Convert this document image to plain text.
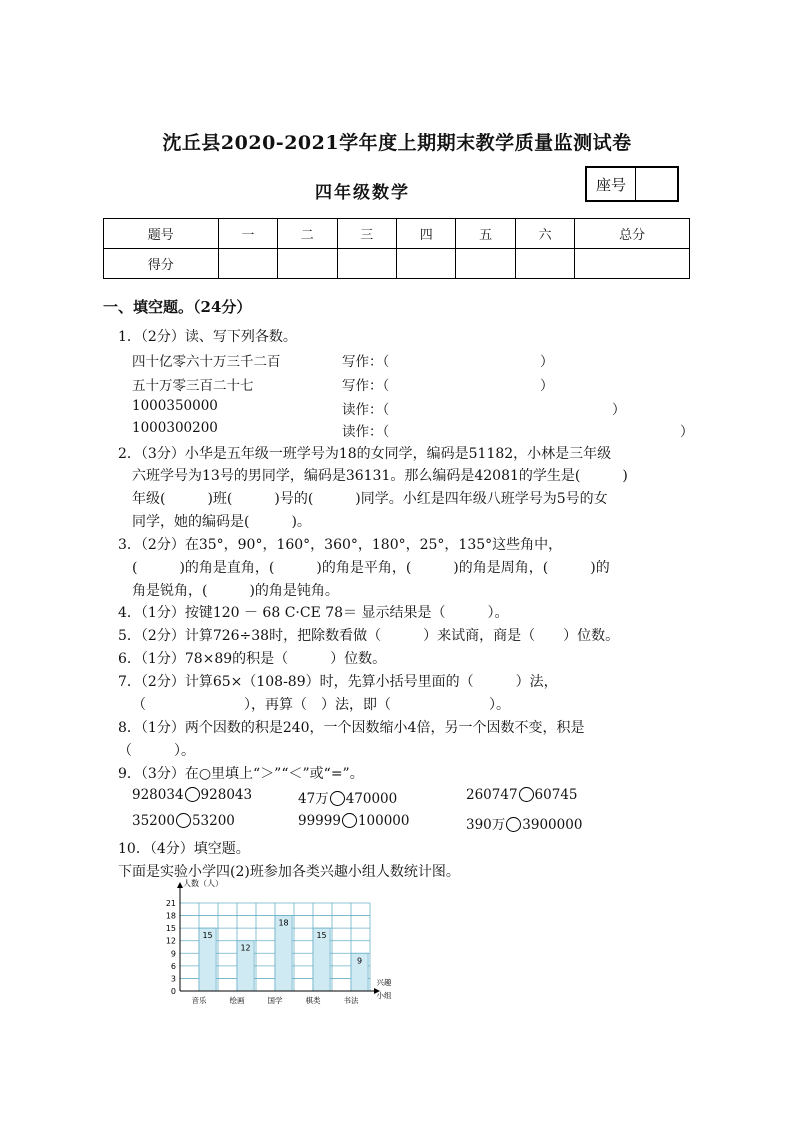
沈丘县2020-2021学年度上期期末教学质量监测试卷
四年级数学	座号
题号	一	二	三	四	五	六	总分
得分							
一、填空题。（24分）
1．（2分）读、写下列各数。
四十亿零六十万三千二百	写作：（	）
五十万零三百二十七	写作：（	）
1000350000	读作：（	）
1000300200	读作：（	）
2．（3分）小华是五年级一班学号为18的女同学，编码是51182，小林是三年级
六班学号为13号的男同学，编码是36131。那么编码是42081的学生是(　　　)
年级(　　　)班(　　　)号的(　　　)同学。小红是四年级八班学号为5号的女
同学，她的编码是(　　　)。
3．（2分）在35°，90°，160°，360°，180°，25°，135°这些角中，
(　　　)的角是直角，(　　　)的角是平角，(　　　)的角是周角，(　　　)的
角是锐角，(　　　)的角是钝角。
4．（1分）按键120 － 68 C·CE 78＝ 显示结果是（　　　）。
5．（2分）计算726÷38时，把除数看做（　　　）来试商，商是（　　）位数。
6．（1分）78×89的积是（　　　）位数。
7．（2分）计算65×（108-89）时，先算小括号里面的（　　　）法，
（　　　　　　　），再算（　）法，即（　　　　　　　）。
8．（1分）两个因数的积是240，一个因数缩小4倍，另一个因数不变，积是
（　　　）。
9．（3分）在○里填上“＞”“＜”或“=”。
928034 928043	47万 470000	260747 60745
35200 53200	99999 100000	390万 3900000
10．（4分）填空题。
下面是实验小学四(2)班参加各类兴趣小组人数统计图。
0
3
6
9
12
15
18
21
15
音乐
12
绘画
18
国学
15
棋类
9
书法
人数（人）
兴趣
小组
